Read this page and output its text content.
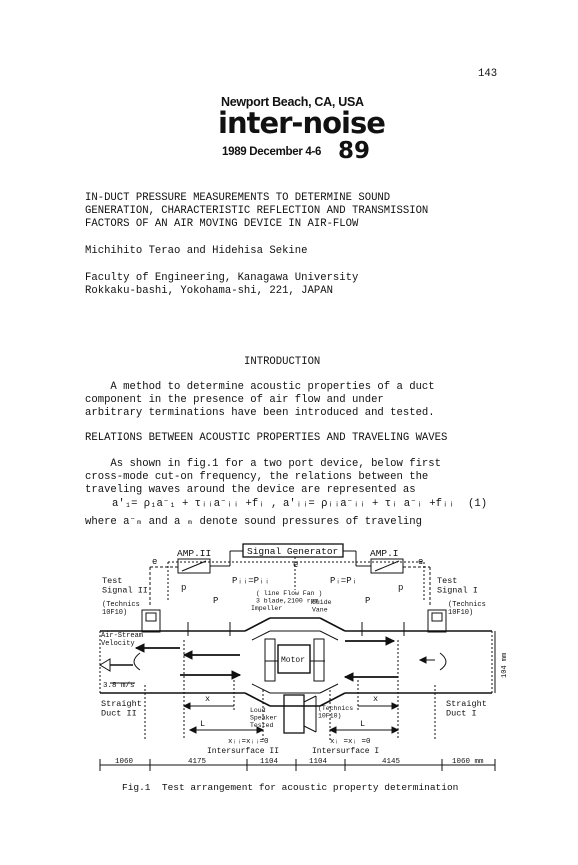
143
Newport Beach, CA, USA
inter-noise
1989 December 4-6 89
IN-DUCT PRESSURE MEASUREMENTS TO DETERMINE SOUND
GENERATION, CHARACTERISTIC REFLECTION AND TRANSMISSION
FACTORS OF AN AIR MOVING DEVICE IN AIR-FLOW
Michihito Terao and Hidehisa Sekine
Faculty of Engineering, Kanagawa University
Rokkaku-bashi, Yokohama-shi, 221, JAPAN
INTRODUCTION
A method to determine acoustic properties of a duct
component in the presence of air flow and under
arbitrary terminations have been introduced and tested.
RELATIONS BETWEEN ACOUSTIC PROPERTIES AND TRAVELING WAVES
As shown in fig.1 for a two port device, below first
cross-mode cut-on frequency, the relations between the
traveling waves around the device are represented as
a'₁= ρ₁a⁻₁ + τᵢᵢa⁻ᵢᵢ +fᵢ , a'ᵢᵢ= ρᵢᵢa⁻ᵢᵢ + τᵢ a⁻ᵢ +fᵢᵢ (1)
where a⁻ₘ and a ₘ denote sound pressures of traveling
Signal Generator
AMP.II	AMP.I
e
e	e
Test Signal II
(Technics 10F10)
Test Signal I
(Technics 10F10)
p	p
P	P
Pᵢᵢ=Pᵢᵢ	Pᵢ=Pᵢ
( line Flow Fan ) 3 blade,2100 rpm
Impeller
Guide Vane
Motor
Air-Stream Velocity
3.8 m/s
104 mm
Straight Duct II
Straight Duct I
Loud Speaker Tested
(Technics 10F10)
Intersurface II	Intersurface I
xᵢᵢ=xᵢᵢ=0	xᵢ =xᵢ =0
L	L
x	x
1060	4175	1104	1104	4145	1060 mm
Fig.1  Test arrangement for acoustic property determination
